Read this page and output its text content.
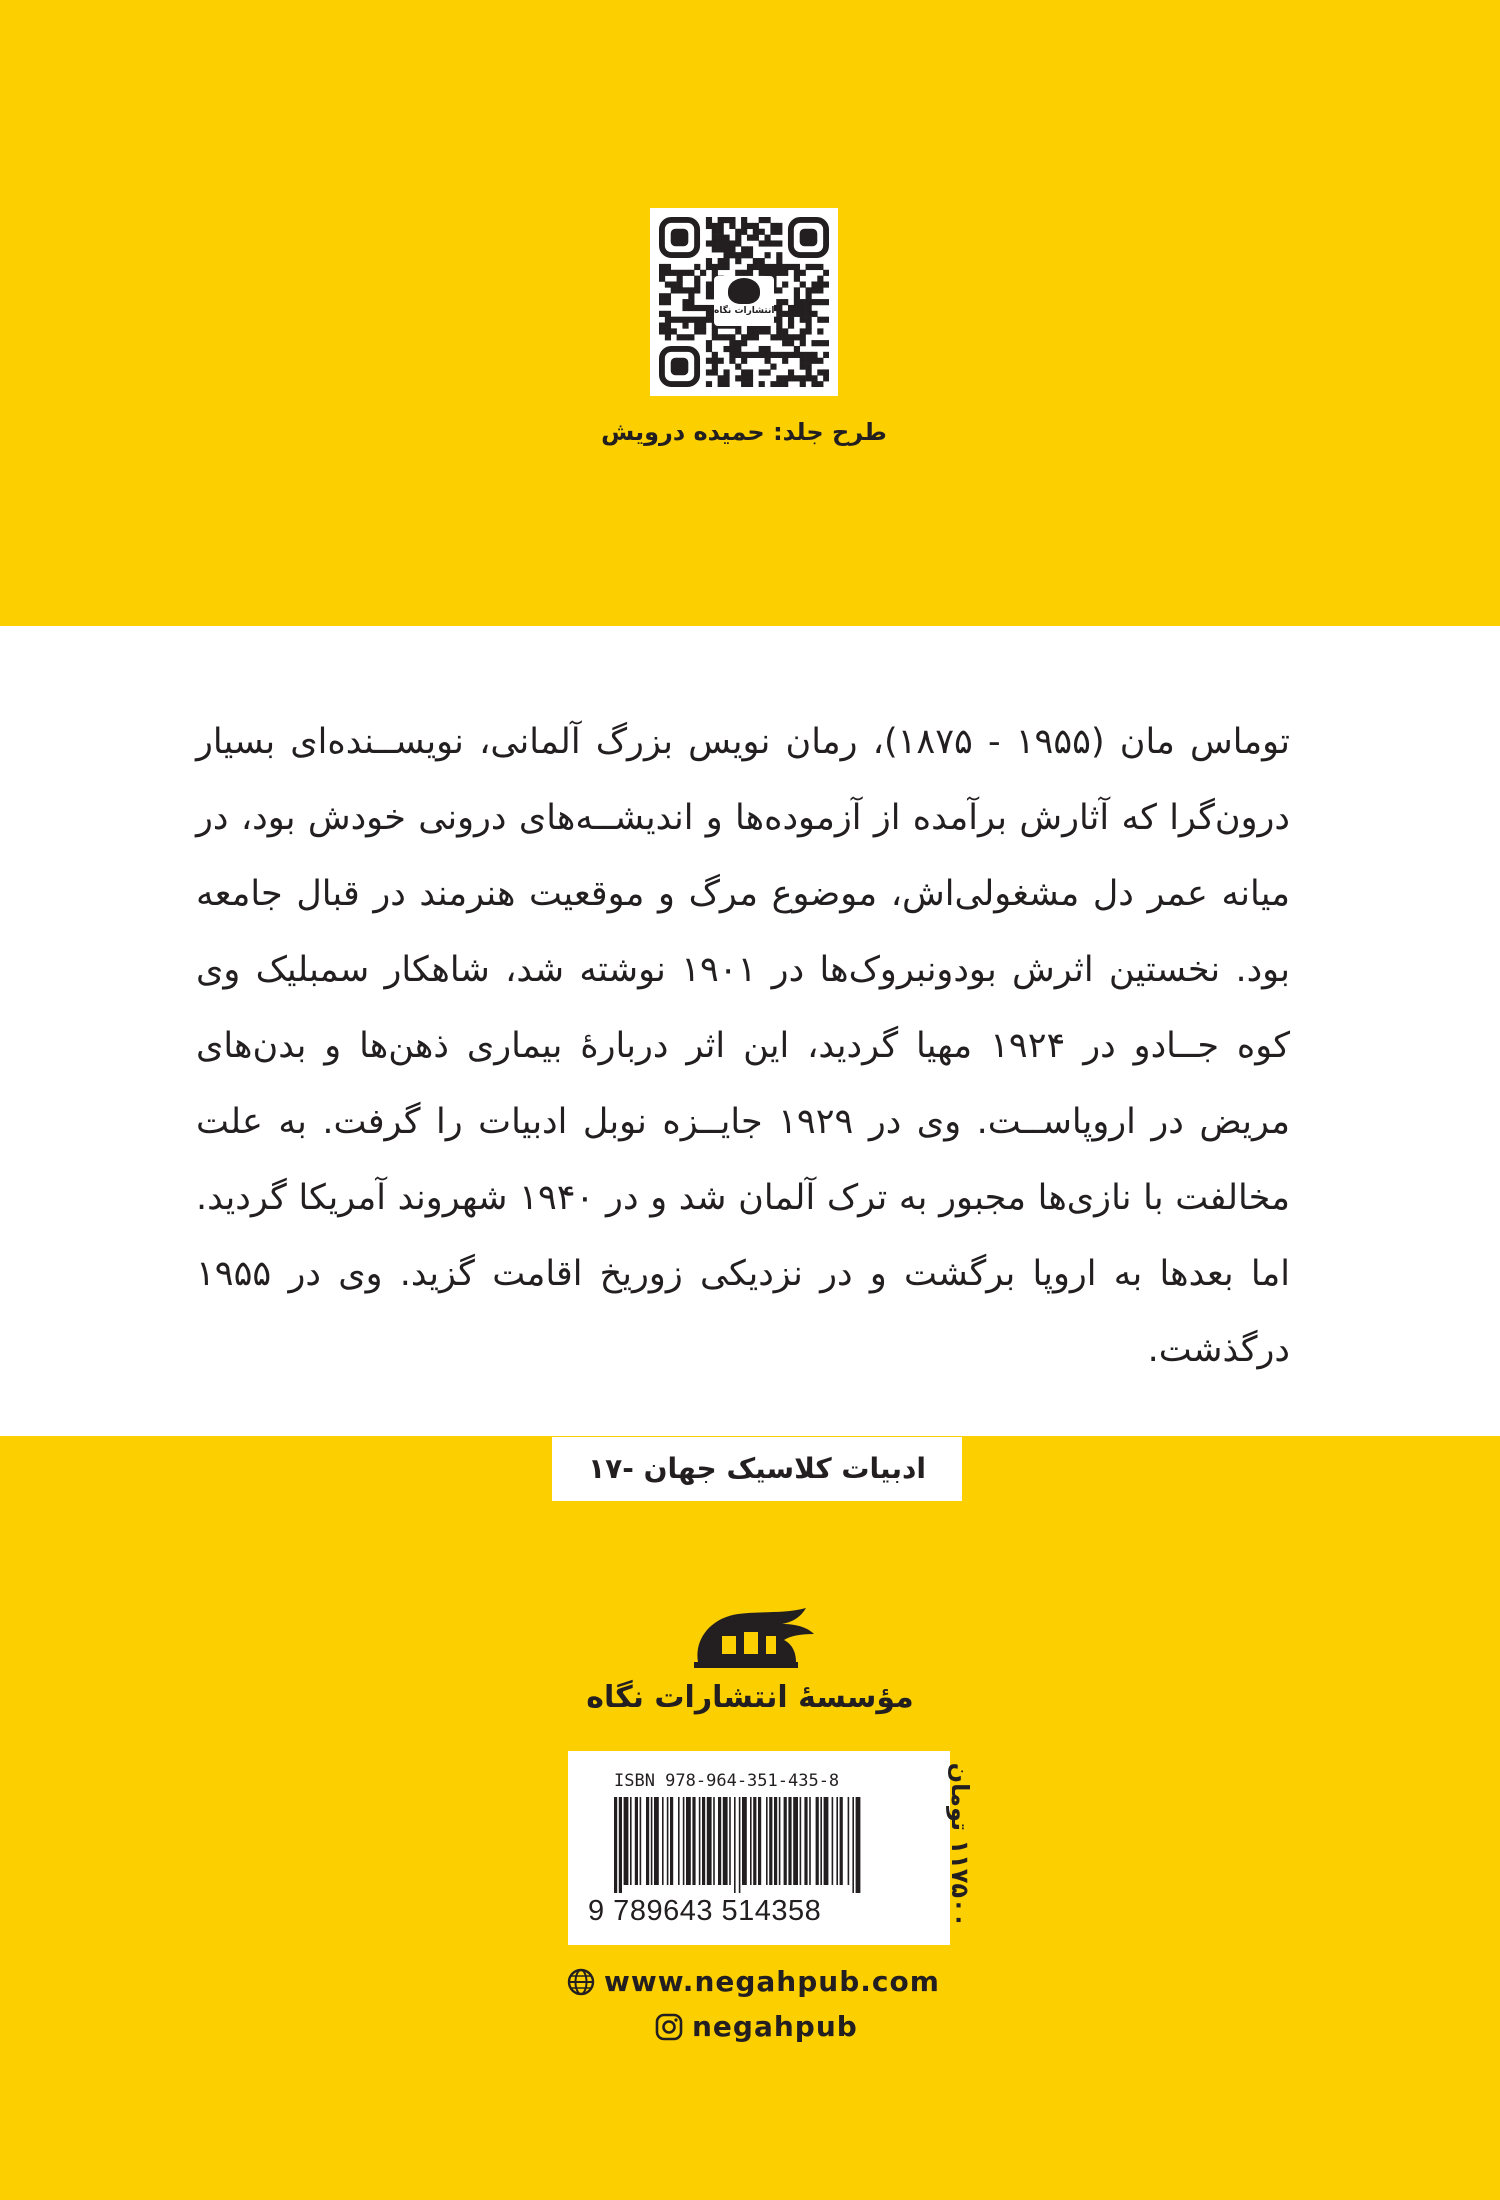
انتشارات نگاه
طرح جلد: حمیده درویش

توماس مان (۱۹۵۵ - ۱۸۷۵)، رمان نویس بزرگ آلمانی، نویســنده‌ای بسیار درون‌گرا که آثارش برآمده از آزموده‌ها و اندیشــه‌های درونی خودش بود، در میانه عمر دل مشغولی‌اش، موضوع مرگ و موقعیت هنرمند در قبال جامعه بود. نخستین اثرش بودونبروک‌ها در ۱۹۰۱ نوشته شد، شاهکار سمبلیک وی کوه جــادو در ۱۹۲۴ مهیا گردید، این اثر دربارهٔ بیماری ذهن‌ها و بدن‌های مریض در اروپاســت. وی در ۱۹۲۹ جایــزه نوبل ادبیات را گرفت. به علت مخالفت با نازی‌ها مجبور به ترک آلمان شد و در ۱۹۴۰ شهروند آمریکا گردید. اما بعدها به اروپا برگشت و در نزدیکی زوریخ اقامت گزید. وی در ۱۹۵۵ درگذشت.

ادبیات کلاسیک جهان -۱۷
مؤسسهٔ انتشارات نگاه
ISBN 978-964-351-435-8
9 789643 514358
۱۱۷۵۰۰ تومان
www.negahpub.com
negahpub
